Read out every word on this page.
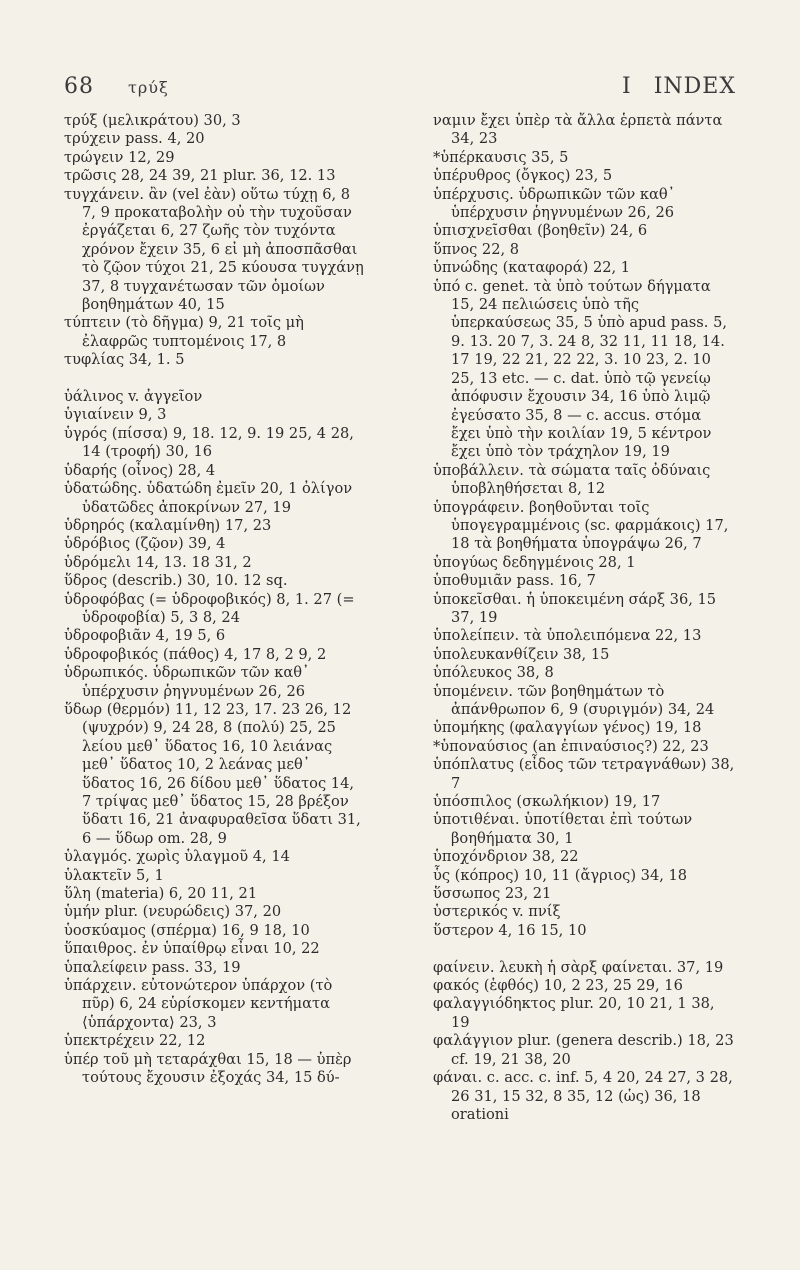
68 τρύξ	I INDEX
τρύξ (μελικράτου) 30, 3
τρύχειν pass. 4, 20
τρώγειν 12, 29
τρῶσις 28, 24 39, 21 plur. 36, 12. 13
τυγχάνειν. ἂν (vel ἐὰν) οὕτω τύχῃ 6, 8 7, 9 προκαταβολὴν οὐ τὴν τυχοῦσαν ἐργάζεται 6, 27 ζωῆς τὸν τυχόντα χρόνον ἔχειν 35, 6 εἰ μὴ ἀποσπᾶσθαι τὸ ζῷον τύχοι 21, 25 κύουσα τυγχάνῃ 37, 8 τυγχανέτωσαν τῶν ὁμοίων βοηθημάτων 40, 15
τύπτειν (τὸ δῆγμα) 9, 21 τοῖς μὴ ἐλαφρῶς τυπτομένοις 17, 8
τυφλίας 34, 1. 5
ὑάλινος v. ἀγγεῖον
ὑγιαίνειν 9, 3
ὑγρός (πίσσα) 9, 18. 12, 9. 19 25, 4 28, 14 (τροφή) 30, 16
ὑδαρής (οἶνος) 28, 4
ὑδατώδης. ὑδατώδη ἐμεῖν 20, 1 ὀλίγον ὑδατῶδες ἀποκρίνων 27, 19
ὑδρηρός (καλαμίνθη) 17, 23
ὑδρόβιος (ζῷον) 39, 4
ὑδρόμελι 14, 13. 18 31, 2
ὕδρος (describ.) 30, 10. 12 sq.
ὑδροφόβας (= ὑδροφοβικός) 8, 1. 27 (= ὑδροφοβία) 5, 3 8, 24
ὑδροφοβιᾶν 4, 19 5, 6
ὑδροφοβικός (πάθος) 4, 17 8, 2 9, 2
ὑδρωπικός. ὑδρωπικῶν τῶν καθ᾽ ὑπέρχυσιν ῥηγνυμένων 26, 26
ὕδωρ (θερμόν) 11, 12 23, 17. 23 26, 12 (ψυχρόν) 9, 24 28, 8 (πολύ) 25, 25 λείου μεθ᾽ ὕδατος 16, 10 λειάνας μεθ᾽ ὕδατος 10, 2 λεάνας μεθ᾽ ὕδατος 16, 26 δίδου μεθ᾽ ὕδατος 14, 7 τρίψας μεθ᾽ ὕδατος 15, 28 βρέξον ὕδατι 16, 21 ἀναφυραθεῖσα ὕδατι 31, 6 — ὕδωρ om. 28, 9
ὑλαγμός. χωρὶς ὑλαγμοῦ 4, 14
ὑλακτεῖν 5, 1
ὕλη (materia) 6, 20 11, 21
ὑμήν plur. (νευρώδεις) 37, 20
ὑοσκύαμος (σπέρμα) 16, 9 18, 10
ὕπαιθρος. ἐν ὑπαίθρῳ εἶναι 10, 22
ὑπαλείφειν pass. 33, 19
ὑπάρχειν. εὐτονώτερον ὑπάρχον (τὸ πῦρ) 6, 24 εὑρίσκομεν κεντήματα ⟨ὑπάρχοντα⟩ 23, 3
ὑπεκτρέχειν 22, 12
ὑπέρ τοῦ μὴ τεταράχθαι 15, 18 — ὑπὲρ τούτους ἔχουσιν ἐξοχάς 34, 15 δύ-
ναμιν ἔχει ὑπὲρ τὰ ἄλλα ἑρπετὰ πάντα 34, 23
*ὑπέρκαυσις 35, 5
ὑπέρυθρος (ὄγκος) 23, 5
ὑπέρχυσις. ὑδρωπικῶν τῶν καθ᾽ ὑπέρχυσιν ῥηγνυμένων 26, 26
ὑπισχνεῖσθαι (βοηθεῖν) 24, 6
ὕπνος 22, 8
ὑπνώδης (καταφορά) 22, 1
ὑπό c. genet. τὰ ὑπὸ τούτων δήγματα 15, 24 πελιώσεις ὑπὸ τῆς ὑπερκαύσεως 35, 5 ὑπὸ apud pass. 5, 9. 13. 20 7, 3. 24 8, 32 11, 11 18, 14. 17 19, 22 21, 22 22, 3. 10 23, 2. 10 25, 13 etc. — c. dat. ὑπὸ τῷ γενείῳ ἀπόφυσιν ἔχουσιν 34, 16 ὑπὸ λιμῷ ἐγεύσατο 35, 8 — c. accus. στόμα ἔχει ὑπὸ τὴν κοιλίαν 19, 5 κέντρον ἔχει ὑπὸ τὸν τράχηλον 19, 19
ὑποβάλλειν. τὰ σώματα ταῖς ὀδύναις ὑποβληθήσεται 8, 12
ὑπογράφειν. βοηθοῦνται τοῖς ὑπογεγραμμένοις (sc. φαρμάκοις) 17, 18 τὰ βοηθήματα ὑπογράψω 26, 7
ὑπογύως δεδηγμένοις 28, 1
ὑποθυμιᾶν pass. 16, 7
ὑποκεῖσθαι. ἡ ὑποκειμένη σάρξ 36, 15 37, 19
ὑπολείπειν. τὰ ὑπολειπόμενα 22, 13
ὑπολευκανθίζειν 38, 15
ὑπόλευκος 38, 8
ὑπομένειν. τῶν βοηθημάτων τὸ ἀπάνθρωπον 6, 9 (συριγμόν) 34, 24
ὑπομήκης (φαλαγγίων γένος) 19, 18
*ὑποναύσιος (an ἐπιναύσιος?) 22, 23
ὑπόπλατυς (εἶδος τῶν τετραγνάθων) 38, 7
ὑπόσπιλος (σκωλήκιον) 19, 17
ὑποτιθέναι. ὑποτίθεται ἐπὶ τούτων βοηθήματα 30, 1
ὑποχόνδριον 38, 22
ὗς (κόπρος) 10, 11 (ἄγριος) 34, 18
ὕσσωπος 23, 21
ὑστερικός v. πνίξ
ὕστερον 4, 16 15, 10
φαίνειν. λευκὴ ἡ σὰρξ φαίνεται. 37, 19
φακός (ἑφθός) 10, 2 23, 25 29, 16
φαλαγγιόδηκτος plur. 20, 10 21, 1 38, 19
φαλάγγιον plur. (genera describ.) 18, 23 cf. 19, 21 38, 20
φάναι. c. acc. c. inf. 5, 4 20, 24 27, 3 28, 26 31, 15 32, 8 35, 12 (ὡς) 36, 18 orationi
